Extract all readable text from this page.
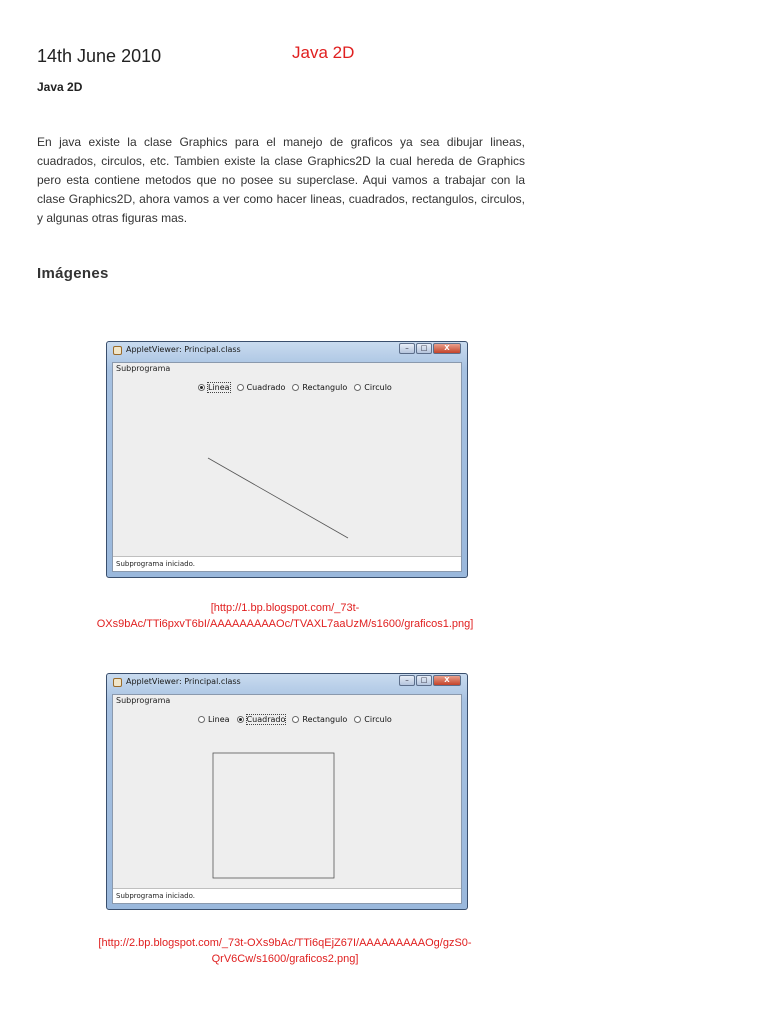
14th June 2010	Java 2D
Java 2D

En java existe la clase Graphics para el manejo de graficos ya sea dibujar lineas, cuadrados, circulos, etc. Tambien existe la clase Graphics2D la cual hereda de Graphics pero esta contiene metodos que no posee su superclase. Aqui vamos a trabajar con la clase Graphics2D, ahora vamos a ver como hacer lineas, cuadrados, rectangulos, circulos, y algunas otras figuras mas.

Imágenes
AppletViewer: Principal.class	–	□	X
Subprograma
Linea Cuadrado Rectangulo Circulo
Subprograma iniciado.
[http://1.bp.blogspot.com/_73t-
OXs9bAc/TTi6pxvT6bI/AAAAAAAAAOc/TVAXL7aaUzM/s1600/graficos1.png]
AppletViewer: Principal.class	–	□	X
Subprograma
Linea Cuadrado Rectangulo Circulo
Subprograma iniciado.
[http://2.bp.blogspot.com/_73t-OXs9bAc/TTi6qEjZ67I/AAAAAAAAAOg/gzS0-
QrV6Cw/s1600/graficos2.png]
